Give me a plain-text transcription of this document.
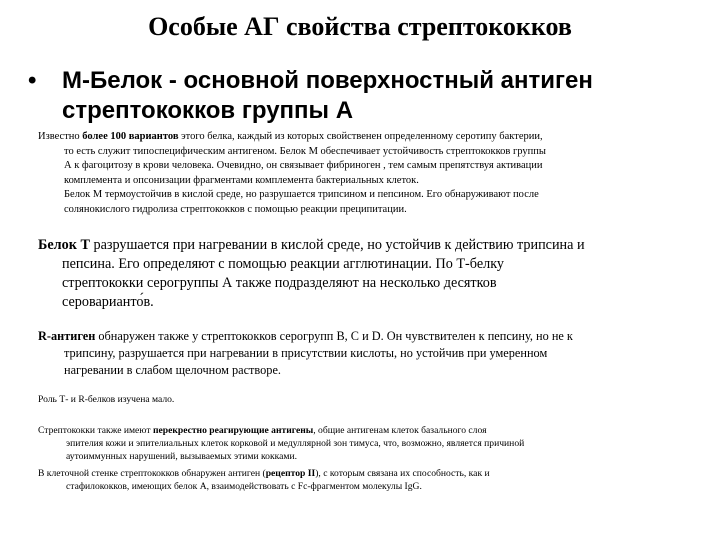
Особые АГ свойства стрептококков
• М-Белок - основной поверхностный антиген
стрептококков группы А
Известно более 100 вариантов этого белка, каждый из которых свойственен определенному серотипу бактерии,
то есть служит типоспецифическим антигеном. Белок М обеспечивает устойчивость стрептококков группы
А к фагоцитозу в крови человека. Очевидно, он связывает фибриноген , тем самым препятствуя активации
комплемента и опсонизации фрагментами комплемента бактериальных клеток.
Белок М термоустойчив в кислой среде, но разрушается трипсином и пепсином. Его обнаруживают после
солянокислого гидролиза стрептококков с помощью реакции преципитации.
Белок Т разрушается при нагревании в кислой среде, но устойчив к действию трипсина и
пепсина. Его определяют с помощью реакции агглютинации. По Т-белку
стрептококки серогруппы А также подразделяют на несколько десятков
сероварианто́в.
R-антиген обнаружен также у стрептококков серогрупп В, С и D. Он чувствителен к пепсину, но не к
трипсину, разрушается при нагревании в присутствии кислоты, но устойчив при умеренном
нагревании в слабом щелочном растворе.
Роль Т- и R-белков изучена мало.
Стрептококки также имеют перекрестно реагирующие антигены, общие антигенам клеток базального слоя
эпителия кожи и эпителиальных клеток корковой и медуллярной зон тимуса, что, возможно, является причиной
аутоиммунных нарушений, вызываемых этими кокками.
В клеточной стенке стрептококков обнаружен антиген (рецептор II), с которым связана их способность, как и
стафилококков, имеющих белок А, взаимодействовать с Fc-фрагментом молекулы IgG.
